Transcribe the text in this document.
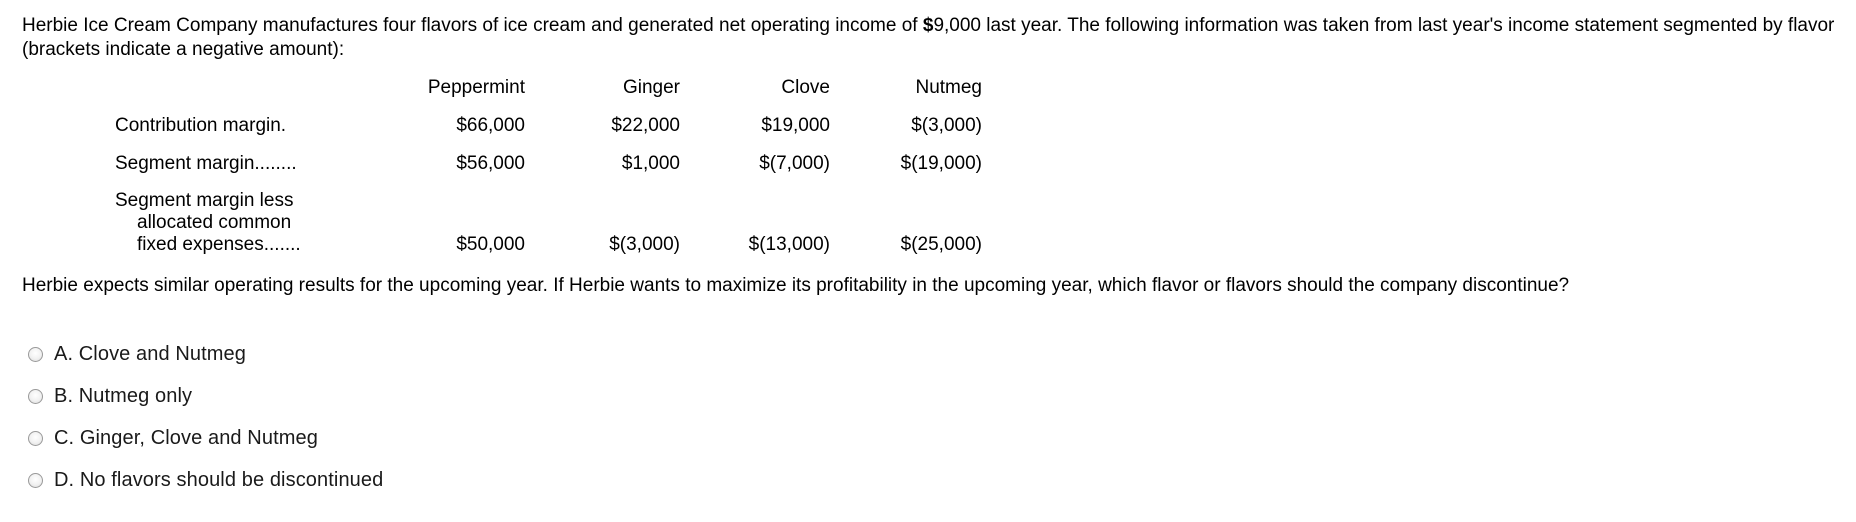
Herbie Ice Cream Company manufactures four flavors of ice cream and generated net operating income of $9,000 last year. The following information was taken from last year's income statement segmented by flavor (brackets indicate a negative amount):

	Peppermint	Ginger	Clove	Nutmeg
Contribution margin.	$66,000	$22,000	$19,000	$(3,000)
Segment margin........	$56,000	$1,000	$(7,000)	$(19,000)
Segment margin less
allocated common
fixed expenses.......	$50,000	$(3,000)	$(13,000)	$(25,000)

Herbie expects similar operating results for the upcoming year. If Herbie wants to maximize its profitability in the upcoming year, which flavor or flavors should the company discontinue?

A. Clove and Nutmeg
B. Nutmeg only
C. Ginger, Clove and Nutmeg
D. No flavors should be discontinued
